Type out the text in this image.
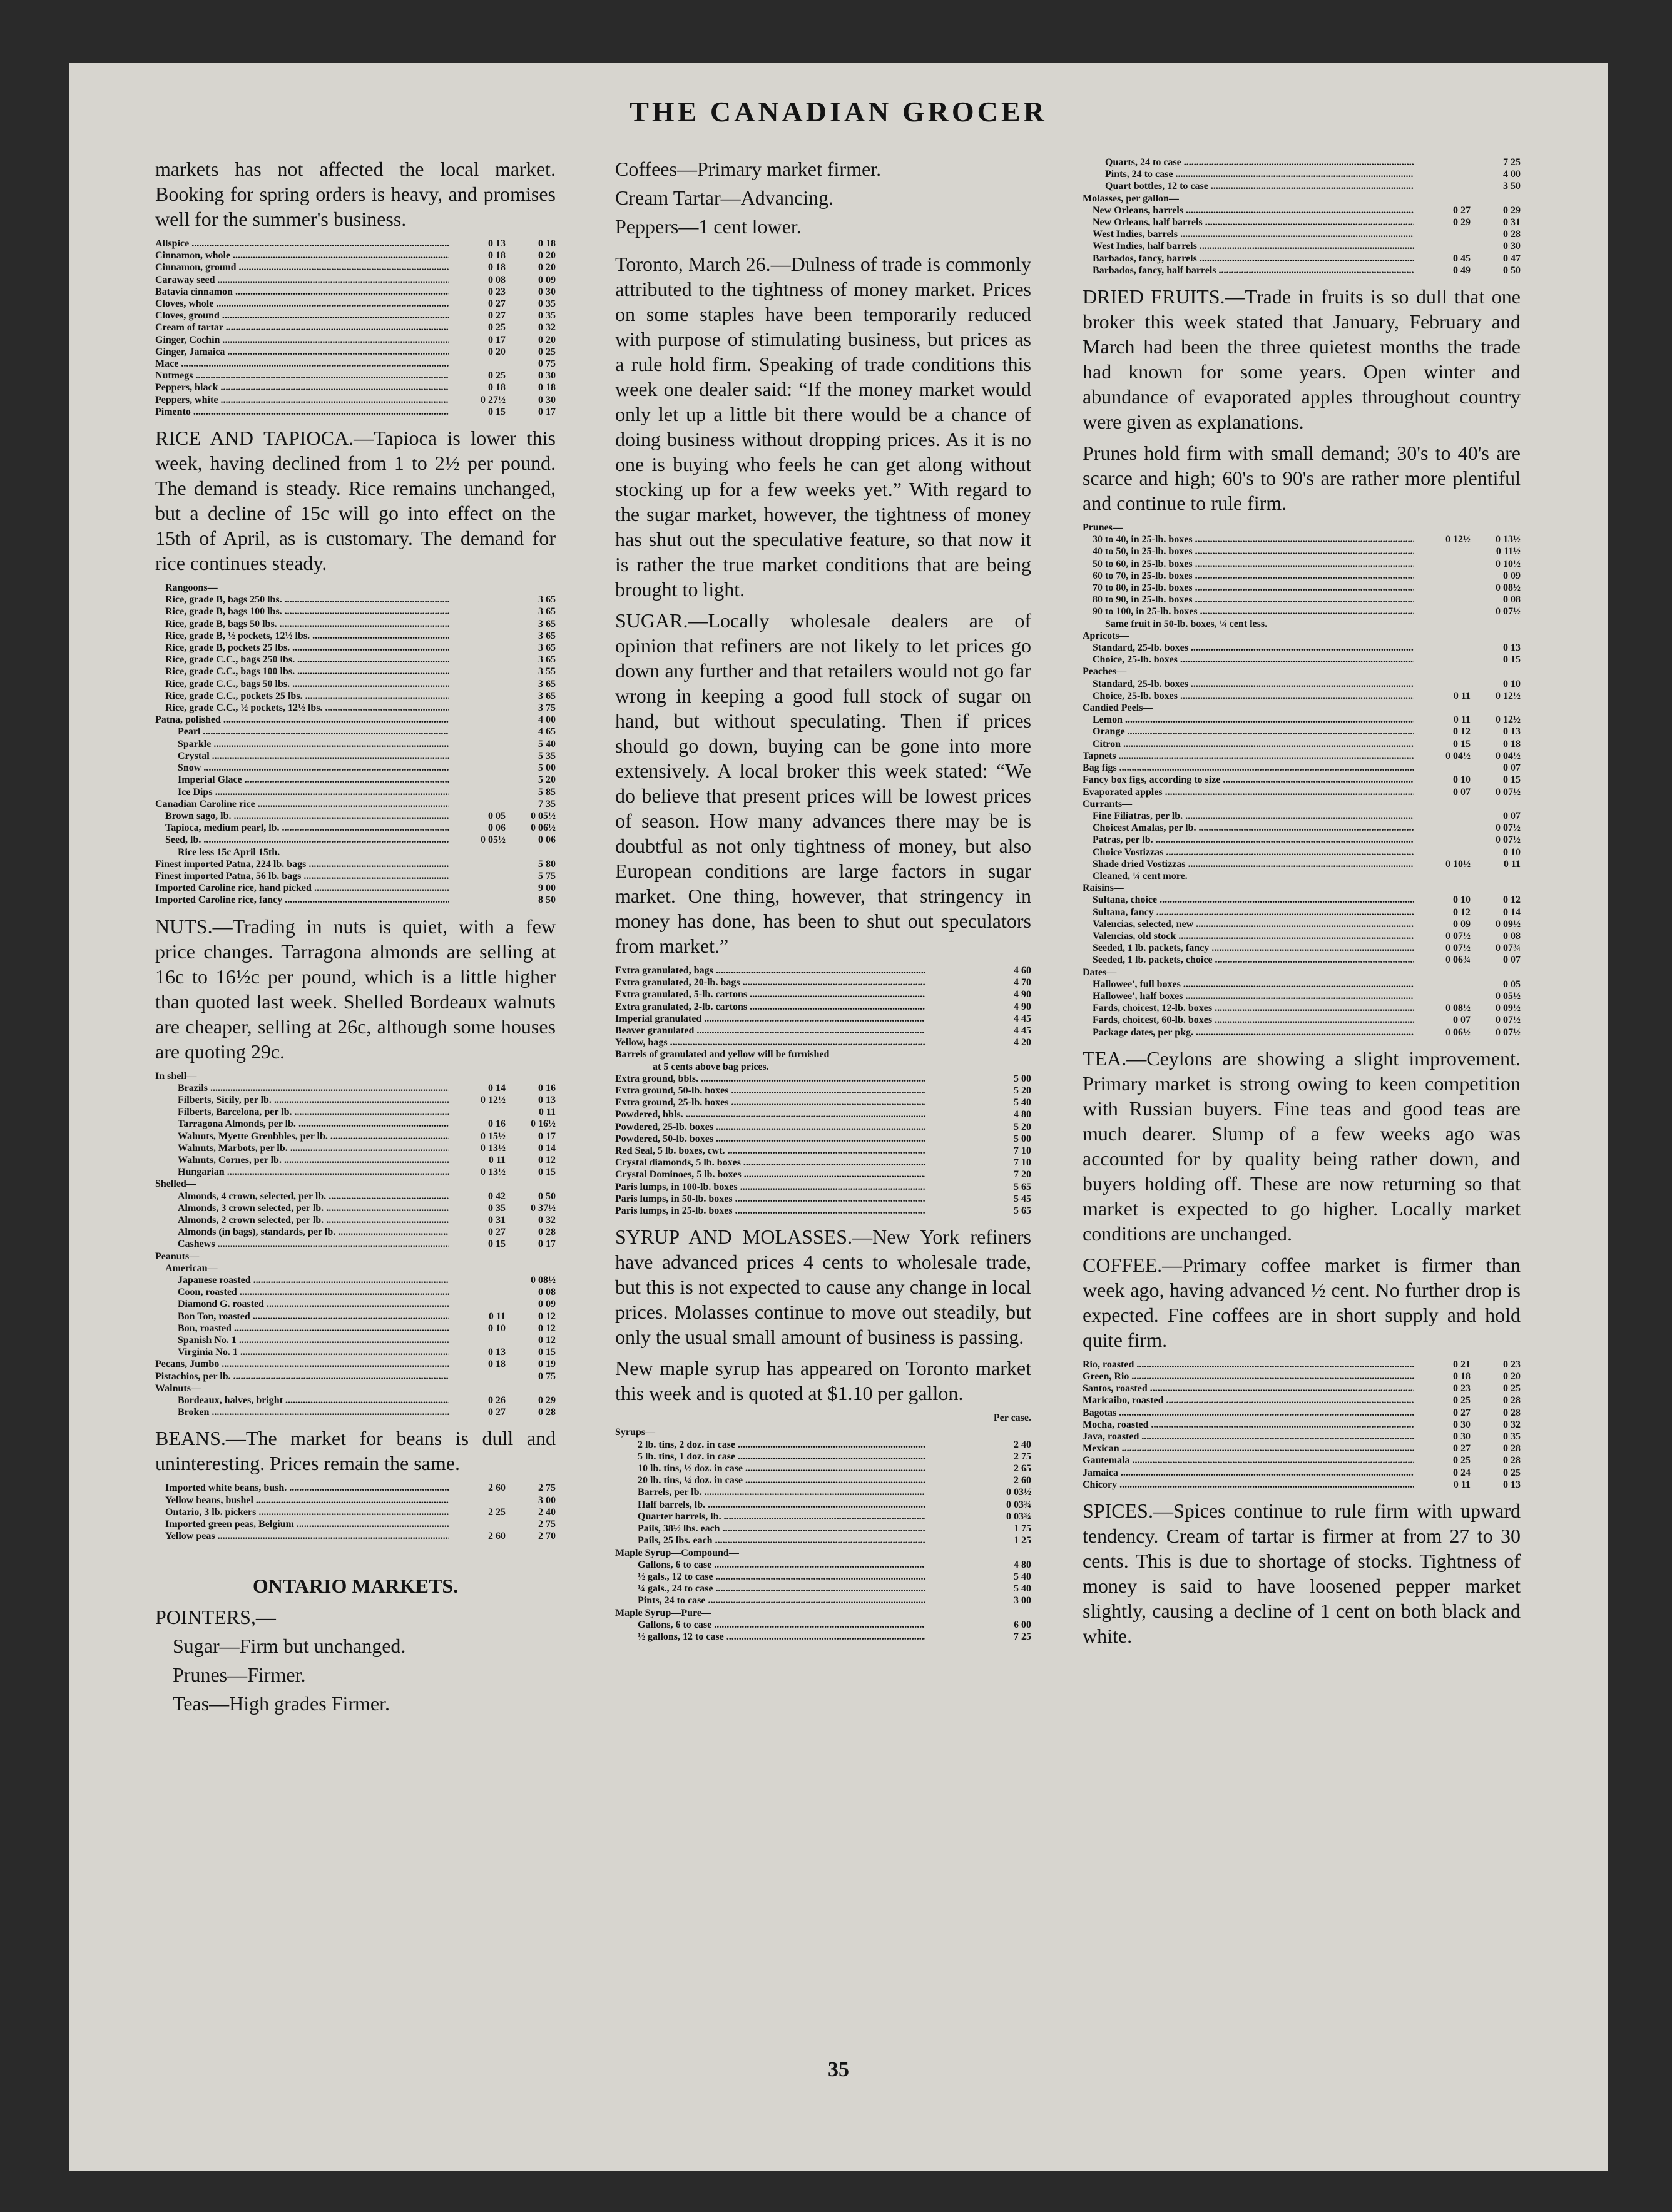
THE CANADIAN GROCER

markets has not affected the local market. Booking for spring orders is heavy, and promises well for the summer's business.

Allspice .....	0 13	0 18
Cinnamon, whole .....	0 18	0 20
Cinnamon, ground .....	0 18	0 20
Caraway seed .....	0 08	0 09
Batavia cinnamon .....	0 23	0 30
Cloves, whole .....	0 27	0 35
Cloves, ground .....	0 27	0 35
Cream of tartar .....	0 25	0 32
Ginger, Cochin .....	0 17	0 20
Ginger, Jamaica .....	0 20	0 25
Mace .....	0 75
Nutmegs .....	0 25	0 30
Peppers, black .....	0 18	0 18
Peppers, white .....	0 27½	0 30
Pimento .....	0 15	0 17

RICE AND TAPIOCA.—Tapioca is lower this week, having declined from 1 to 2½ per pound. The demand is steady. Rice remains unchanged, but a decline of 15c will go into effect on the 15th of April, as is customary. The demand for rice continues steady.

Rangoons—
Rice, grade B, bags 250 lbs. .....	3 65
Rice, grade B, bags 100 lbs. .....	3 65
Rice, grade B, bags 50 lbs. .....	3 65
Rice, grade B, ½ pockets, 12½ lbs. .....	3 65
Rice, grade B, pockets 25 lbs. .....	3 65
Rice, grade C.C., bags 250 lbs. .....	3 65
Rice, grade C.C., bags 100 lbs. .....	3 55
Rice, grade C.C., bags 50 lbs. .....	3 65
Rice, grade C.C., pockets 25 lbs. .....	3 65
Rice, grade C.C., ½ pockets, 12½ lbs. .....	3 75
Patna, polished .....	4 00
Pearl .....	4 65
Sparkle .....	5 40
Crystal .....	5 35
Snow .....	5 00
Imperial Glace .....	5 20
Ice Dips .....	5 85
Canadian Caroline rice .....	7 35
Brown sago, lb. .....	0 05	0 05½
Tapioca, medium pearl, lb. .....	0 06	0 06½
Seed, lb. .....	0 05½	0 06
Rice less 15c April 15th.
Finest imported Patna, 224 lb. bags .....	5 80
Finest imported Patna, 56 lb. bags .....	5 75
Imported Caroline rice, hand picked .....	9 00
Imported Caroline rice, fancy .....	8 50

NUTS.—Trading in nuts is quiet, with a few price changes. Tarragona almonds are selling at 16c to 16½c per pound, which is a little higher than quoted last week. Shelled Bordeaux walnuts are cheaper, selling at 26c, although some houses are quoting 29c.

In shell—
Brazils .....	0 14	0 16
Filberts, Sicily, per lb. .....	0 12½	0 13
Filberts, Barcelona, per lb. .....	0 11
Tarragona Almonds, per lb. .....	0 16	0 16½
Walnuts, Myette Grenbbles, per lb. .....	0 15½	0 17
Walnuts, Marbots, per lb. .....	0 13½	0 14
Walnuts, Cornes, per lb. .....	0 11	0 12
Hungarian .....	0 13½	0 15
Shelled—
Almonds, 4 crown, selected, per lb. .....	0 42	0 50
Almonds, 3 crown selected, per lb. .....	0 35	0 37½
Almonds, 2 crown selected, per lb. .....	0 31	0 32
Almonds (in bags), standards, per lb. .....	0 27	0 28
Cashews .....	0 15	0 17
Peanuts—
American—
Japanese roasted .....	0 08½
Coon, roasted .....	0 08
Diamond G. roasted .....	0 09
Bon Ton, roasted .....	0 11	0 12
Bon, roasted .....	0 10	0 12
Spanish No. 1 .....	0 12
Virginia No. 1 .....	0 13	0 15
Pecans, Jumbo .....	0 18	0 19
Pistachios, per lb. .....	0 75
Walnuts—
Bordeaux, halves, bright .....	0 26	0 29
Broken .....	0 27	0 28

BEANS.—The market for beans is dull and uninteresting. Prices remain the same.

Imported white beans, bush. .....	2 60	2 75
Yellow beans, bushel .....	3 00
Ontario, 3 lb. pickers .....	2 25	2 40
Imported green peas, Belgium .....	2 75
Yellow peas .....	2 60	2 70

ONTARIO MARKETS.

POINTERS,—

Sugar—Firm but unchanged.

Prunes—Firmer.

Teas—High grades Firmer.

Coffees—Primary market firmer.

Cream Tartar—Advancing.

Peppers—1 cent lower.

Toronto, March 26.—Dulness of trade is commonly attributed to the tightness of money market. Prices on some staples have been temporarily reduced with purpose of stimulating business, but prices as a rule hold firm. Speaking of trade conditions this week one dealer said: “If the money market would only let up a little bit there would be a chance of doing business without dropping prices. As it is no one is buying who feels he can get along without stocking up for a few weeks yet.” With regard to the sugar market, however, the tightness of money has shut out the speculative feature, so that now it is rather the true market conditions that are being brought to light.

SUGAR.—Locally wholesale dealers are of opinion that refiners are not likely to let prices go down any further and that retailers would not go far wrong in keeping a good full stock of sugar on hand, but without speculating. Then if prices should go down, buying can be gone into more extensively. A local broker this week stated: “We do believe that present prices will be lowest prices of season. How many advances there may be is doubtful as not only tightness of money, but also European conditions are large factors in sugar market. One thing, however, that stringency in money has done, has been to shut out speculators from market.”

Extra granulated, bags .....	4 60
Extra granulated, 20-lb. bags .....	4 70
Extra granulated, 5-lb. cartons .....	4 90
Extra granulated, 2-lb. cartons .....	4 90
Imperial granulated .....	4 45
Beaver granulated .....	4 45
Yellow, bags .....	4 20
Barrels of granulated and yellow will be furnished
at 5 cents above bag prices.
Extra ground, bbls. .....	5 00
Extra ground, 50-lb. boxes .....	5 20
Extra ground, 25-lb. boxes .....	5 40
Powdered, bbls. .....	4 80
Powdered, 25-lb. boxes .....	5 20
Powdered, 50-lb. boxes .....	5 00
Red Seal, 5 lb. boxes, cwt. .....	7 10
Crystal diamonds, 5 lb. boxes .....	7 10
Crystal Dominoes, 5 lb. boxes .....	7 20
Paris lumps, in 100-lb. boxes .....	5 65
Paris lumps, in 50-lb. boxes .....	5 45
Paris lumps, in 25-lb. boxes .....	5 65

SYRUP AND MOLASSES.—New York refiners have advanced prices 4 cents to wholesale trade, but this is not expected to cause any change in local prices. Molasses continue to move out steadily, but only the usual small amount of business is passing.

New maple syrup has appeared on Toronto market this week and is quoted at $1.10 per gallon.

Per case.
Syrups—
2 lb. tins, 2 doz. in case .....	2 40
5 lb. tins, 1 doz. in case .....	2 75
10 lb. tins, ½ doz. in case .....	2 65
20 lb. tins, ¼ doz. in case .....	2 60
Barrels, per lb. .....	0 03½
Half barrels, lb. .....	0 03¾
Quarter barrels, lb. .....	0 03¾
Pails, 38½ lbs. each .....	1 75
Pails, 25 lbs. each .....	1 25
Maple Syrup—Compound—
Gallons, 6 to case .....	4 80
½ gals., 12 to case .....	5 40
¼ gals., 24 to case .....	5 40
Pints, 24 to case .....	3 00
Maple Syrup—Pure—
Gallons, 6 to case .....	6 00
½ gallons, 12 to case .....	7 25
Quarts, 24 to case .....	7 25
Pints, 24 to case .....	4 00
Quart bottles, 12 to case .....	3 50
Molasses, per gallon—
New Orleans, barrels .....	0 27	0 29
New Orleans, half barrels .....	0 29	0 31
West Indies, barrels .....	0 28
West Indies, half barrels .....	0 30
Barbados, fancy, barrels .....	0 45	0 47
Barbados, fancy, half barrels .....	0 49	0 50

DRIED FRUITS.—Trade in fruits is so dull that one broker this week stated that January, February and March had been the three quietest months the trade had known for some years. Open winter and abundance of evaporated apples throughout country were given as explanations.

Prunes hold firm with small demand; 30's to 40's are scarce and high; 60's to 90's are rather more plentiful and continue to rule firm.

Prunes—
30 to 40, in 25-lb. boxes .....	0 12½	0 13½
40 to 50, in 25-lb. boxes .....	0 11½
50 to 60, in 25-lb. boxes .....	0 10½
60 to 70, in 25-lb. boxes .....	0 09
70 to 80, in 25-lb. boxes .....	0 08½
80 to 90, in 25-lb. boxes .....	0 08
90 to 100, in 25-lb. boxes .....	0 07½
Same fruit in 50-lb. boxes, ¼ cent less.
Apricots—
Standard, 25-lb. boxes .....	0 13
Choice, 25-lb. boxes .....	0 15
Peaches—
Standard, 25-lb. boxes .....	0 10
Choice, 25-lb. boxes .....	0 11	0 12½
Candied Peels—
Lemon .....	0 11	0 12½
Orange .....	0 12	0 13
Citron .....	0 15	0 18
Tapnets .....	0 04½	0 04½
Bag figs .....	0 07
Fancy box figs, according to size .....	0 10	0 15
Evaporated apples .....	0 07	0 07½
Currants—
Fine Filiatras, per lb. .....	0 07
Choicest Amalas, per lb. .....	0 07½
Patras, per lb. .....	0 07½
Choice Vostizzas .....	0 10
Shade dried Vostizzas .....	0 10½	0 11
Cleaned, ¼ cent more.
Raisins—
Sultana, choice .....	0 10	0 12
Sultana, fancy .....	0 12	0 14
Valencias, selected, new .....	0 09	0 09½
Valencias, old stock .....	0 07½	0 08
Seeded, 1 lb. packets, fancy .....	0 07½	0 07¾
Seeded, 1 lb. packets, choice .....	0 06¾	0 07
Dates—
Hallowee', full boxes .....	0 05
Hallowee', half boxes .....	0 05½
Fards, choicest, 12-lb. boxes .....	0 08½	0 09½
Fards, choicest, 60-lb. boxes .....	0 07	0 07½
Package dates, per pkg. .....	0 06½	0 07½

TEA.—Ceylons are showing a slight improvement. Primary market is strong owing to keen competition with Russian buyers. Fine teas and good teas are much dearer. Slump of a few weeks ago was accounted for by quality being rather down, and buyers holding off. These are now returning so that market is expected to go higher. Locally market conditions are unchanged.

COFFEE.—Primary coffee market is firmer than week ago, having advanced ½ cent. No further drop is expected. Fine coffees are in short supply and hold quite firm.

Rio, roasted .....	0 21	0 23
Green, Rio .....	0 18	0 20
Santos, roasted .....	0 23	0 25
Maricaibo, roasted .....	0 25	0 28
Bagotas .....	0 27	0 28
Mocha, roasted .....	0 30	0 32
Java, roasted .....	0 30	0 35
Mexican .....	0 27	0 28
Gautemala .....	0 25	0 28
Jamaica .....	0 24	0 25
Chicory .....	0 11	0 13

SPICES.—Spices continue to rule firm with upward tendency. Cream of tartar is firmer at from 27 to 30 cents. This is due to shortage of stocks. Tightness of money is said to have loosened pepper market slightly, causing a decline of 1 cent on both black and white.

35
